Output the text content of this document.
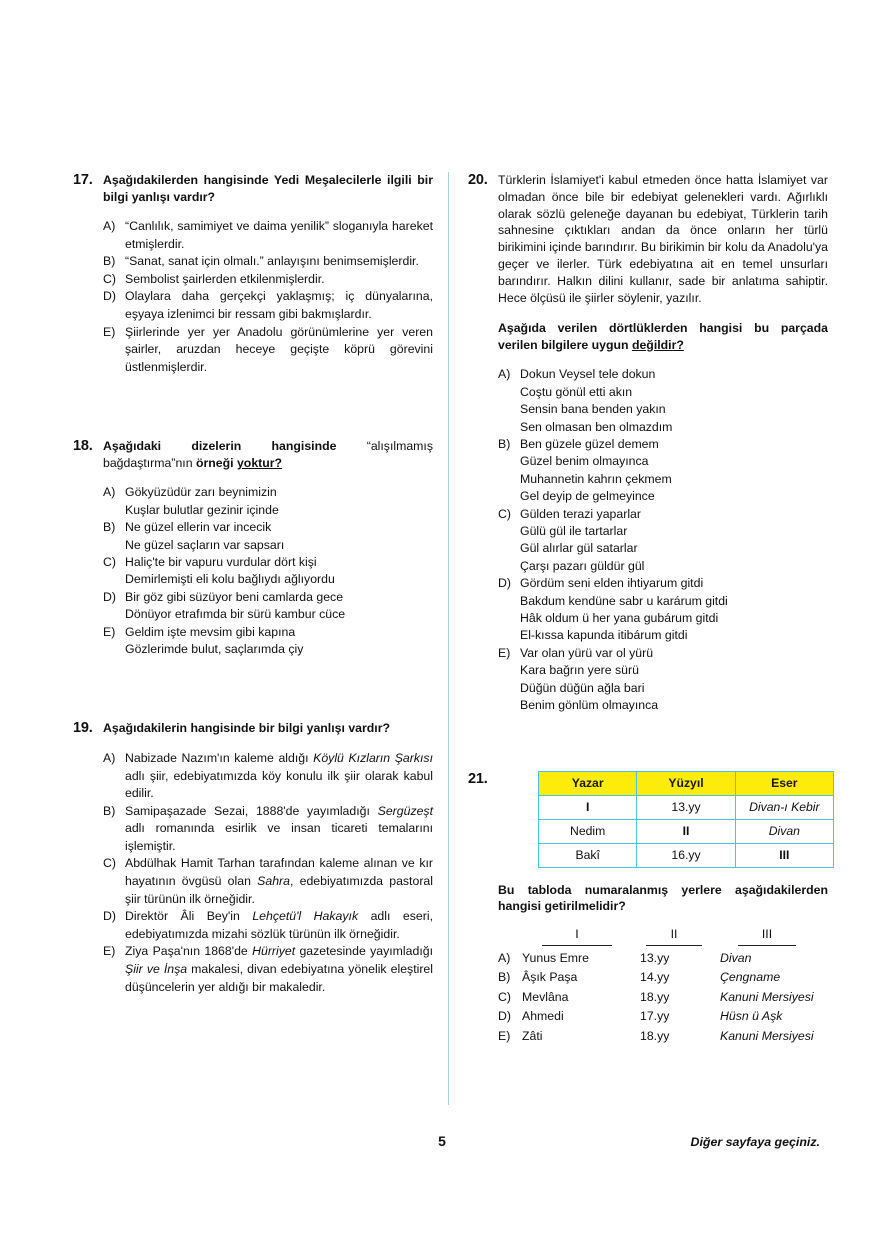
17. Aşağıdakilerden hangisinde Yedi Meşalecilerle ilgili bir bilgi yanlışı vardır?

A) “Canlılık, samimiyet ve daima yenilik” sloganıyla hareket etmişlerdir.
B) “Sanat, sanat için olmalı.” anlayışını benimsemişlerdir.
C) Sembolist şairlerden etkilenmişlerdir.
D) Olaylara daha gerçekçi yaklaşmış; iç dünyalarına, eşyaya izlenimci bir ressam gibi bakmışlardır.
E) Şiirlerinde yer yer Anadolu görünümlerine yer veren şairler, aruzdan heceye geçişte köprü görevini üstlenmişlerdir.
18. Aşağıdaki dizelerin hangisinde “alışılmamış bağdaştırma”nın örneği yoktur?

A) Gökyüzüdür zarı beynimizin
Kuşlar bulutlar gezinir içinde
B) Ne güzel ellerin var incecik
Ne güzel saçların var sapsarı
C) Haliç'te bir vapuru vurdular dört kişi
Demirlemişti eli kolu bağlıydı ağlıyordu
D) Bir göz gibi süzüyor beni camlarda gece
Dönüyor etrafımda bir sürü kambur cüce
E) Geldim işte mevsim gibi kapına
Gözlerimde bulut, saçlarımda çiy
19. Aşağıdakilerin hangisinde bir bilgi yanlışı vardır?

A) Nabizade Nazım'ın kaleme aldığı Köylü Kızların Şarkısı adlı şiir, edebiyatımızda köy konulu ilk şiir olarak kabul edilir.
B) Samipaşazade Sezai, 1888'de yayımladığı Sergüzeşt adlı romanında esirlik ve insan ticareti temalarını işlemiştir.
C) Abdülhak Hamit Tarhan tarafından kaleme alınan ve kır hayatının övgüsü olan Sahra, edebiyatımızda pastoral şiir türünün ilk örneğidir.
D) Direktör Âli Bey'in Lehçetü'l Hakayık adlı eseri, edebiyatımızda mizahi sözlük türünün ilk örneğidir.
E) Ziya Paşa'nın 1868'de Hürriyet gazetesinde yayımladığı Şiir ve İnşa makalesi, divan edebiyatına yönelik eleştirel düşüncelerin yer aldığı bir makaledir.
20. Türklerin İslamiyet'i kabul etmeden önce hatta İslamiyet var olmadan önce bile bir edebiyat gelenekleri vardı. Ağırlıklı olarak sözlü geleneğe dayanan bu edebiyat, Türklerin tarih sahnesine çıktıkları andan da önce onların her türlü birikimini içinde barındırır. Bu birikimin bir kolu da Anadolu'ya geçer ve ilerler. Türk edebiyatına ait en temel unsurları barındırır. Halkın dilini kullanır, sade bir anlatıma sahiptir. Hece ölçüsü ile şiirler söylenir, yazılır.

Aşağıda verilen dörtlüklerden hangisi bu parçada verilen bilgilere uygun değildir?

A) Dokun Veysel tele dokun
Coştu gönül etti akın
Sensin bana benden yakın
Sen olmasan ben olmazdım
B) Ben güzele güzel demem
Güzel benim olmayınca
Muhannetin kahrın çekmem
Gel deyip de gelmeyince
C) Gülden terazi yaparlar
Gülü gül ile tartarlar
Gül alırlar gül satarlar
Çarşı pazarı güldür gül
D) Gördüm seni elden ihtiyarum gitdi
Bakdum kendüne sabr u karárum gitdi
Hâk oldum ü her yana gubárum gitdi
El-kıssa kapunda itibárum gitdi
E) Var olan yürü var ol yürü
Kara bağrın yere sürü
Düğün düğün ağla bari
Benim gönlüm olmayınca
21.	Yazar	Yüzyıl	Eser
I	13.yy	Divan-ı Kebir
Nedim	II	Divan
Bakî	16.yy	III

Bu tabloda numaralanmış yerlere aşağıdakilerden hangisi getirilmelidir?

I	II	III
A) Yunus Emre	13.yy	Divan
B) Âşık Paşa	14.yy	Çengname
C) Mevlâna	18.yy	Kanuni Mersiyesi
D) Ahmedi	17.yy	Hüsn ü Aşk
E) Zâti	18.yy	Kanuni Mersiyesi
5	Diğer sayfaya geçiniz.
